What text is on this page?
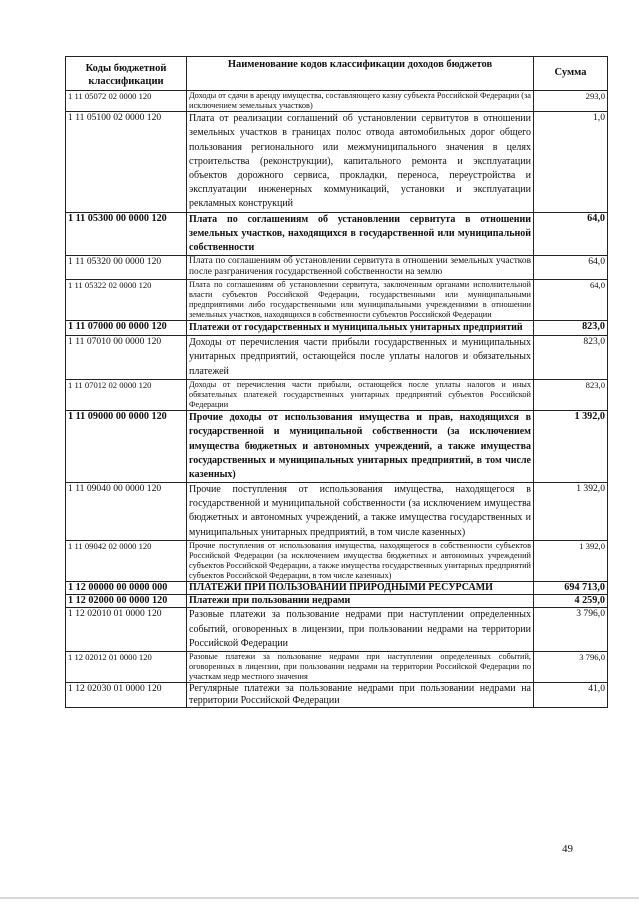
Коды бюджетной классификации	Наименование кодов классификации доходов бюджетов	Сумма
1 11 05072 02 0000 120	Доходы от сдачи в аренду имущества, составляющего казну субъекта Российской Федерации (за исключением земельных участков)	293,0
1 11 05100 02 0000 120	Плата от реализации соглашений об установлении сервитутов в отношении земельных участков в границах полос отвода автомобильных дорог общего пользования регионального или межмуниципального значения в целях строительства (реконструкции), капитального ремонта и эксплуатации объектов дорожного сервиса, прокладки, переноса, переустройства и эксплуатации инженерных коммуникаций, установки и эксплуатации рекламных конструкций	1,0
1 11 05300 00 0000 120	Плата по соглашениям об установлении сервитута в отношении земельных участков, находящихся в государственной или муниципальной собственности	64,0
1 11 05320 00 0000 120	Плата по соглашениям об установлении сервитута в отношении земельных участков после разграничения государственной собственности на землю	64,0
1 11 05322 02 0000 120	Плата по соглашениям об установлении сервитута, заключенным органами исполнительной власти субъектов Российской Федерации, государственными или муниципальными предприятиями либо государственными или муниципальными учреждениями в отношении земельных участков, находящихся в собственности субъектов Российской Федерации	64,0
1 11 07000 00 0000 120	Платежи от государственных и муниципальных унитарных предприятий	823,0
1 11 07010 00 0000 120	Доходы от перечисления части прибыли государственных и муниципальных унитарных предприятий, остающейся после уплаты налогов и обязательных платежей	823,0
1 11 07012 02 0000 120	Доходы от перечисления части прибыли, остающейся после уплаты налогов и иных обязательных платежей государственных унитарных предприятий субъектов Российской Федерации	823,0
1 11 09000 00 0000 120	Прочие доходы от использования имущества и прав, находящихся в государственной и муниципальной собственности (за исключением имущества бюджетных и автономных учреждений, а также имущества государственных и муниципальных унитарных предприятий, в том числе казенных)	1 392,0
1 11 09040 00 0000 120	Прочие поступления от использования имущества, находящегося в государственной и муниципальной собственности (за исключением имущества бюджетных и автономных учреждений, а также имущества государственных и муниципальных унитарных предприятий, в том числе казенных)	1 392,0
1 11 09042 02 0000 120	Прочие поступления от использования имущества, находящегося в собственности субъектов Российской Федерации (за исключением имущества бюджетных и автономных учреждений субъектов Российской Федерации, а также имущества государственных унитарных предприятий субъектов Российской Федерации, в том числе казенных)	1 392,0
1 12 00000 00 0000 000	ПЛАТЕЖИ ПРИ ПОЛЬЗОВАНИИ ПРИРОДНЫМИ РЕСУРСАМИ	694 713,0
1 12 02000 00 0000 120	Платежи при пользовании недрами	4 259,0
1 12 02010 01 0000 120	Разовые платежи за пользование недрами при наступлении определенных событий, оговоренных в лицензии, при пользовании недрами на территории Российской Федерации	3 796,0
1 12 02012 01 0000 120	Разовые платежи за пользование недрами при наступлении определенных событий, оговоренных в лицензии, при пользовании недрами на территории Российской Федерации по участкам недр местного значения	3 796,0
1 12 02030 01 0000 120	Регулярные платежи за пользование недрами при пользовании недрами на территории Российской Федерации	41,0
49
